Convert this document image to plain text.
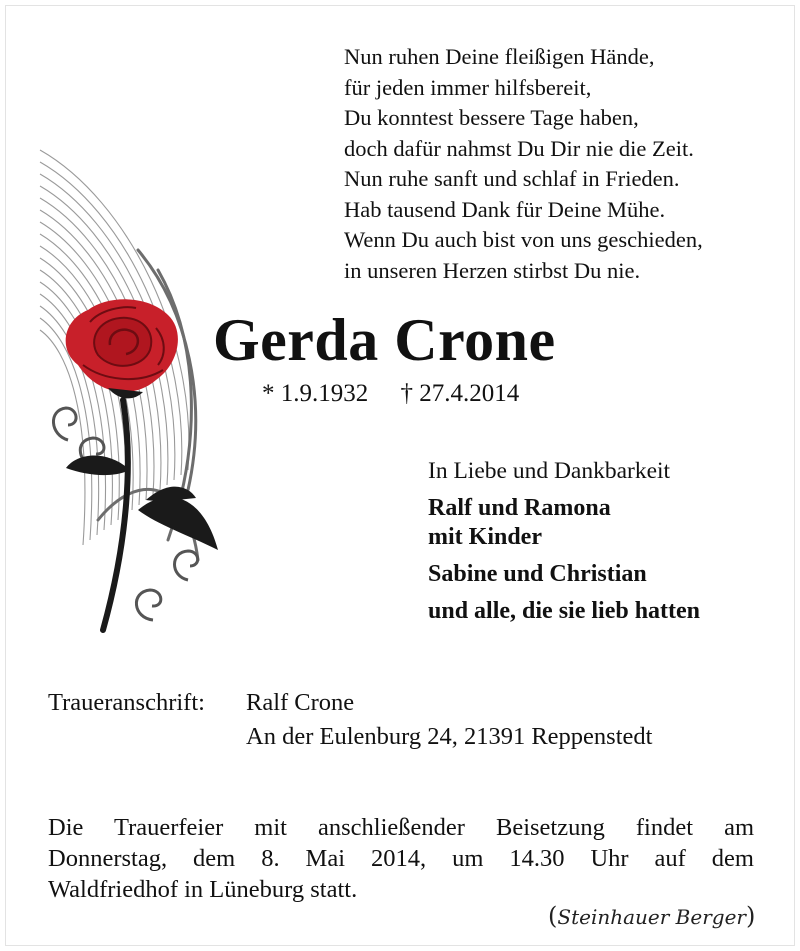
Nun ruhen Deine fleißigen Hände,
für jeden immer hilfsbereit,
Du konntest bessere Tage haben,
doch dafür nahmst Du Dir nie die Zeit.
Nun ruhe sanft und schlaf in Frieden.
Hab tausend Dank für Deine Mühe.
Wenn Du auch bist von uns geschieden,
in unseren Herzen stirbst Du nie.
Gerda Crone
* 1.9.1932 † 27.4.2014
In Liebe und Dankbarkeit
Ralf und Ramona
mit Kinder
Sabine und Christian
und alle, die sie lieb hatten
Traueranschrift: Ralf Crone
An der Eulenburg 24, 21391 Reppenstedt
Die Trauerfeier mit anschließender Beisetzung findet am
Donnerstag, dem 8. Mai 2014, um 14.30 Uhr auf dem
Waldfriedhof in Lüneburg statt.
(Steinhauer Berger)
